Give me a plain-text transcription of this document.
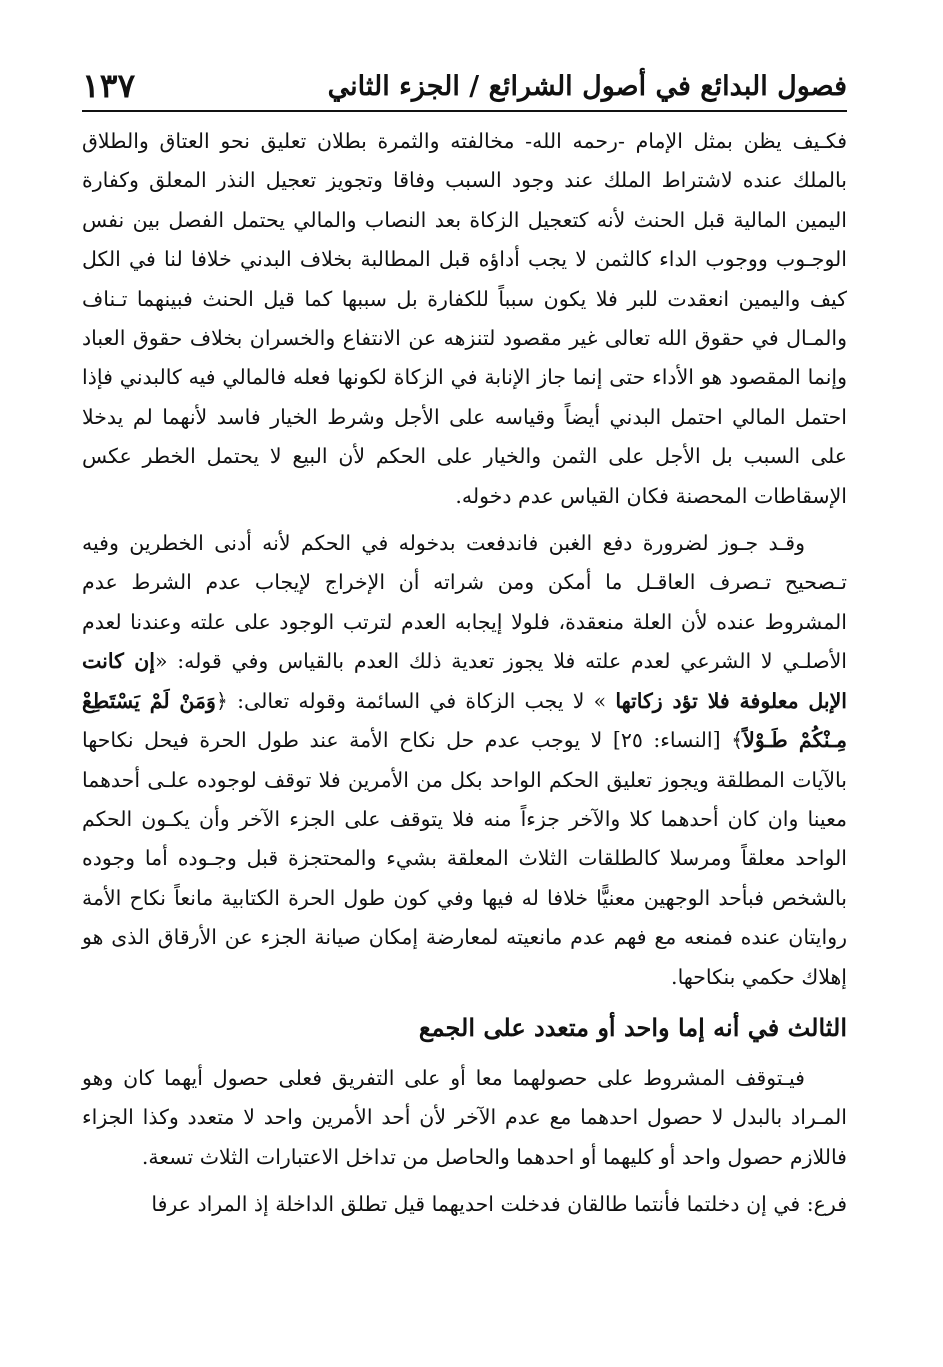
فصول البدائع في أصول الشرائع / الجزء الثاني
١٣٧

فكـيف يظن بمثل الإمام -رحمه الله- مخالفته والثمرة بطلان تعليق نحو العتاق والطلاق بالملك عنده لاشتراط الملك عند وجود السبب وفاقا وتجويز تعجيل النذر المعلق وكفارة اليمين المالية قبل الحنث لأنه كتعجيل الزكاة بعد النصاب والمالي يحتمل الفصل بين نفس الوجـوب ووجوب الداء كالثمن لا يجب أداؤه قبل المطالبة بخلاف البدني خلافا لنا في الكل كيف واليمين انعقدت للبر فلا يكون سبباً للكفارة بل سببها كما قيل الحنث فبينهما تـناف والمـال في حقوق الله تعالى غير مقصود لتنزهه عن الانتفاع والخسران بخلاف حقوق العباد وإنما المقصود هو الأداء حتى إنما جاز الإنابة في الزكاة لكونها فعله فالمالي فيه كالبدني فإذا احتمل المالي احتمل البدني أيضاً وقياسه على الأجل وشرط الخيار فاسد لأنهما لم يدخلا على السبب بل الأجل على الثمن والخيار على الحكم لأن البيع لا يحتمل الخطر عكس الإسقاطات المحصنة فكان القياس عدم دخوله.

وقـد جـوز لضرورة دفع الغبن فاندفعت بدخوله في الحكم لأنه أدنى الخطرين وفيه تـصحيح تـصرف العاقـل ما أمكن ومن شراته أن الإخراج لإيجاب عدم الشرط عدم المشروط عنده لأن العلة منعقدة، فلولا إيجابه العدم لترتب الوجود على علته وعندنا لعدم الأصلـي لا الشرعي لعدم علته فلا يجوز تعدية ذلك العدم بالقياس وفي قوله: «إن كانت الإبل معلوفة فلا تؤد زكاتها » لا يجب الزكاة في السائمة وقوله تعالى: ﴿وَمَنْ لَمْ يَسْتَطِعْ مِـنْكُمْ طَـوْلاً﴾ [النساء: ٢٥] لا يوجب عدم حل نكاح الأمة عند طول الحرة فيحل نكاحها بالآيات المطلقة ويجوز تعليق الحكم الواحد بكل من الأمرين فلا توقف لوجوده علـى أحدهما معينا وان كان أحدهما كلا والآخر جزءاً منه فلا يتوقف على الجزء الآخر وأن يكـون الحكم الواحد معلقاً ومرسلا كالطلقات الثلاث المعلقة بشيء والمحتجزة قبل وجـوده أما وجوده بالشخص فبأحد الوجهين معنيًّا خلافا له فيها وفي كون طول الحرة الكتابية مانعاً نكاح الأمة روايتان عنده فمنعه مع فهم عدم مانعيته لمعارضة إمكان صيانة الجزء عن الأرقاق الذى هو إهلاك حكمي بنكاحها.

الثالث في أنه إما واحد أو متعدد على الجمع

فيـتوقف المشروط على حصولهما معا أو على التفريق فعلى حصول أيهما كان وهو المـراد بالبدل لا حصول احدهما مع عدم الآخر لأن أحد الأمرين واحد لا متعدد وكذا الجزاء فاللازم حصول واحد أو كليهما أو احدهما والحاصل من تداخل الاعتبارات الثلاث تسعة.

فرع: في إن دخلتما فأنتما طالقان فدخلت احديهما قيل تطلق الداخلة إذ المراد عرفا
